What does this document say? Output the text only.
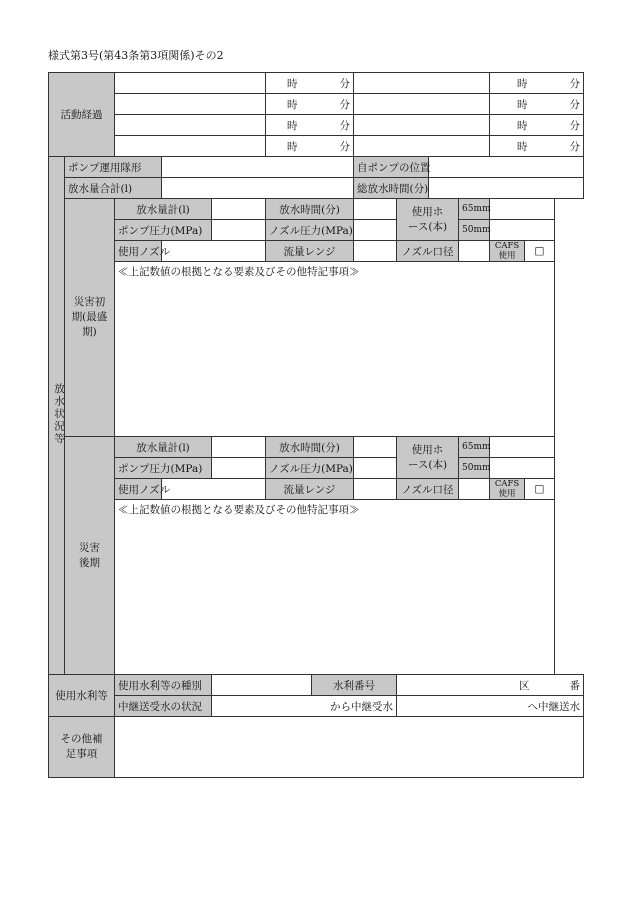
様式第3号(第43条第3項関係)その2
活動経過					時 分						時 分	
					時 分						時 分	
					時 分						時 分	
					時 分						時 分	
放水状況等	ポンプ運用隊形						自ポンプの位置					
	放水量合計(l)						総放水時間(分)					

	災害初期(最盛期)	放水量計(l)			放水時間(分)			使用ホース(本)		65mm		
		ポンプ圧力(MPa)			ノズル圧力(MPa)					50mm		
		使用ノズル			流量レンジ			ノズル口径			CAFS使用	□
		≪上記数値の根拠となる要素及びその他特記事項≫										

	災害後期	放水量計(l)			放水時間(分)			使用ホース(本)		65mm		
		ポンプ圧力(MPa)			ノズル圧力(MPa)					50mm		
		使用ノズル			流量レンジ			ノズル口径			CAFS使用	□
		≪上記数値の根拠となる要素及びその他特記事項≫										

使用水利等		使用水利等の種別				水利番号		区 番				
		中継送受水の状況		から中継受水				へ中継送水				

その他補足事項												
